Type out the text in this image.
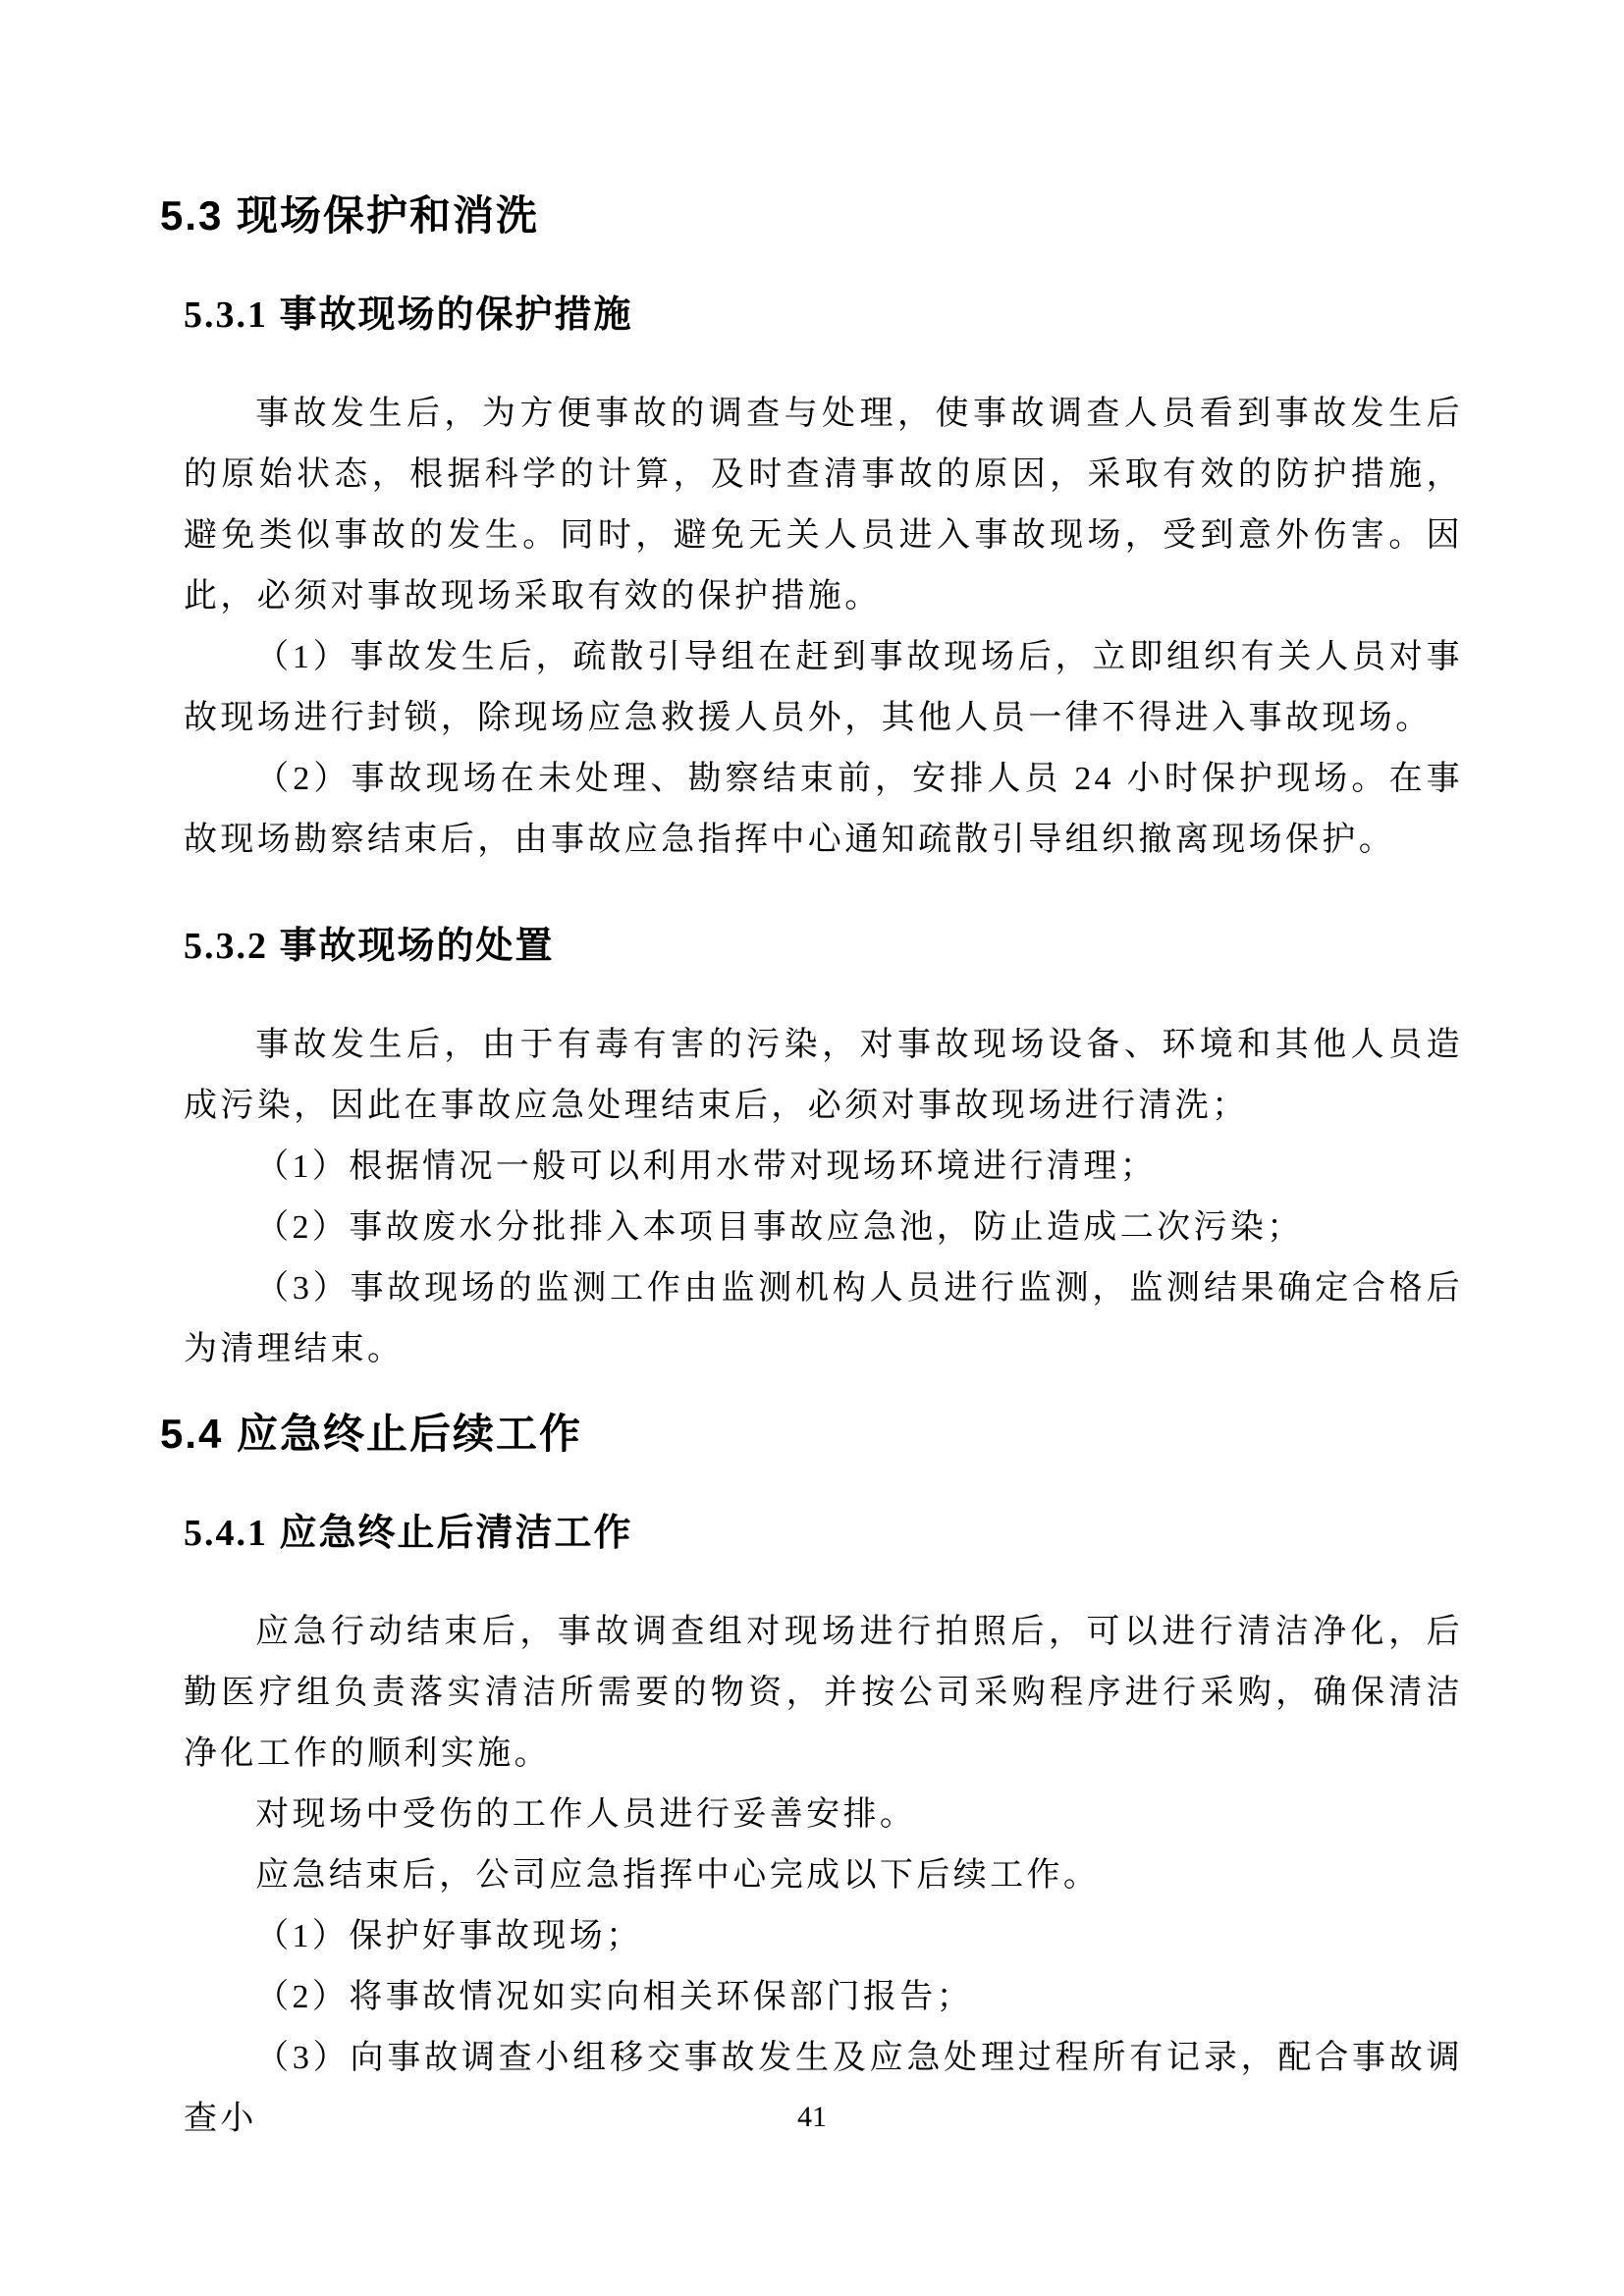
5.3 现场保护和消洗
5.3.1 事故现场的保护措施

事故发生后，为方便事故的调查与处理，使事故调查人员看到事故发生后的原始状态，根据科学的计算，及时查清事故的原因，采取有效的防护措施，避免类似事故的发生。同时，避免无关人员进入事故现场，受到意外伤害。因此，必须对事故现场采取有效的保护措施。

（1）事故发生后，疏散引导组在赶到事故现场后，立即组织有关人员对事故现场进行封锁，除现场应急救援人员外，其他人员一律不得进入事故现场。

（2）事故现场在未处理、勘察结束前，安排人员 24 小时保护现场。在事故现场勘察结束后，由事故应急指挥中心通知疏散引导组织撤离现场保护。

5.3.2 事故现场的处置

事故发生后，由于有毒有害的污染，对事故现场设备、环境和其他人员造成污染，因此在事故应急处理结束后，必须对事故现场进行清洗；

（1）根据情况一般可以利用水带对现场环境进行清理；

（2）事故废水分批排入本项目事故应急池，防止造成二次污染；

（3）事故现场的监测工作由监测机构人员进行监测，监测结果确定合格后为清理结束。

5.4 应急终止后续工作
5.4.1 应急终止后清洁工作

应急行动结束后，事故调查组对现场进行拍照后，可以进行清洁净化，后勤医疗组负责落实清洁所需要的物资，并按公司采购程序进行采购，确保清洁净化工作的顺利实施。

对现场中受伤的工作人员进行妥善安排。

应急结束后，公司应急指挥中心完成以下后续工作。

（1）保护好事故现场；

（2）将事故情况如实向相关环保部门报告；

（3）向事故调查小组移交事故发生及应急处理过程所有记录，配合事故调查小	41
